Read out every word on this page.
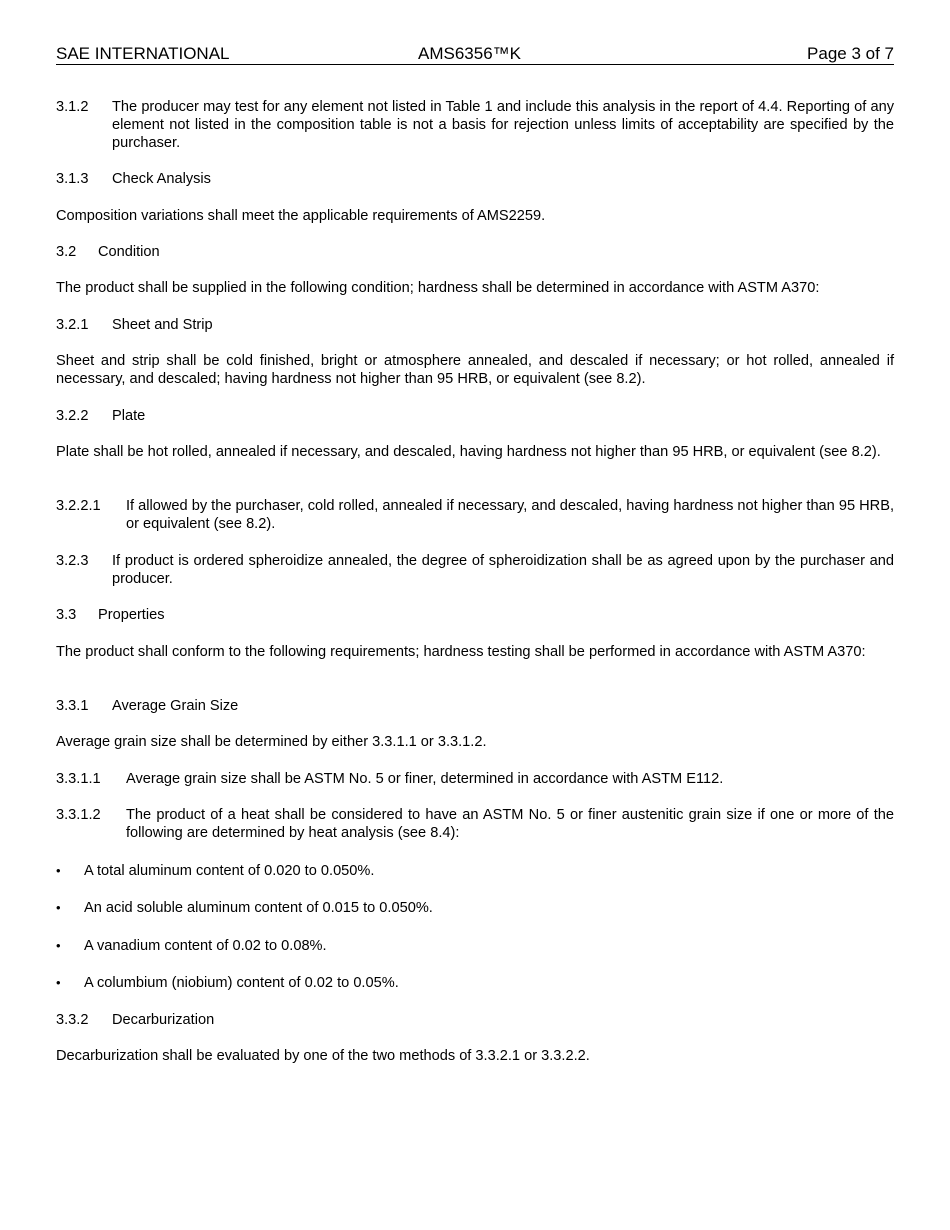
SAE INTERNATIONAL	AMS6356™K	Page 3 of 7
3.1.2	The producer may test for any element not listed in Table 1 and include this analysis in the report of 4.4. Reporting of any element not listed in the composition table is not a basis for rejection unless limits of acceptability are specified by the purchaser.
3.1.3	Check Analysis
Composition variations shall meet the applicable requirements of AMS2259.
3.2	Condition
The product shall be supplied in the following condition; hardness shall be determined in accordance with ASTM A370:
3.2.1	Sheet and Strip
Sheet and strip shall be cold finished, bright or atmosphere annealed, and descaled if necessary; or hot rolled, annealed if necessary, and descaled; having hardness not higher than 95 HRB, or equivalent (see 8.2).
3.2.2	Plate
Plate shall be hot rolled, annealed if necessary, and descaled, having hardness not higher than 95 HRB, or equivalent (see 8.2).
3.2.2.1	If allowed by the purchaser, cold rolled, annealed if necessary, and descaled, having hardness not higher than 95 HRB, or equivalent (see 8.2).
3.2.3	If product is ordered spheroidize annealed, the degree of spheroidization shall be as agreed upon by the purchaser and producer.
3.3	Properties
The product shall conform to the following requirements; hardness testing shall be performed in accordance with ASTM A370:
3.3.1	Average Grain Size
Average grain size shall be determined by either 3.3.1.1 or 3.3.1.2.
3.3.1.1	Average grain size shall be ASTM No. 5 or finer, determined in accordance with ASTM E112.
3.3.1.2	The product of a heat shall be considered to have an ASTM No. 5 or finer austenitic grain size if one or more of the following are determined by heat analysis (see 8.4):
•	A total aluminum content of 0.020 to 0.050%.
•	An acid soluble aluminum content of 0.015 to 0.050%.
•	A vanadium content of 0.02 to 0.08%.
•	A columbium (niobium) content of 0.02 to 0.05%.
3.3.2	Decarburization
Decarburization shall be evaluated by one of the two methods of 3.3.2.1 or 3.3.2.2.
